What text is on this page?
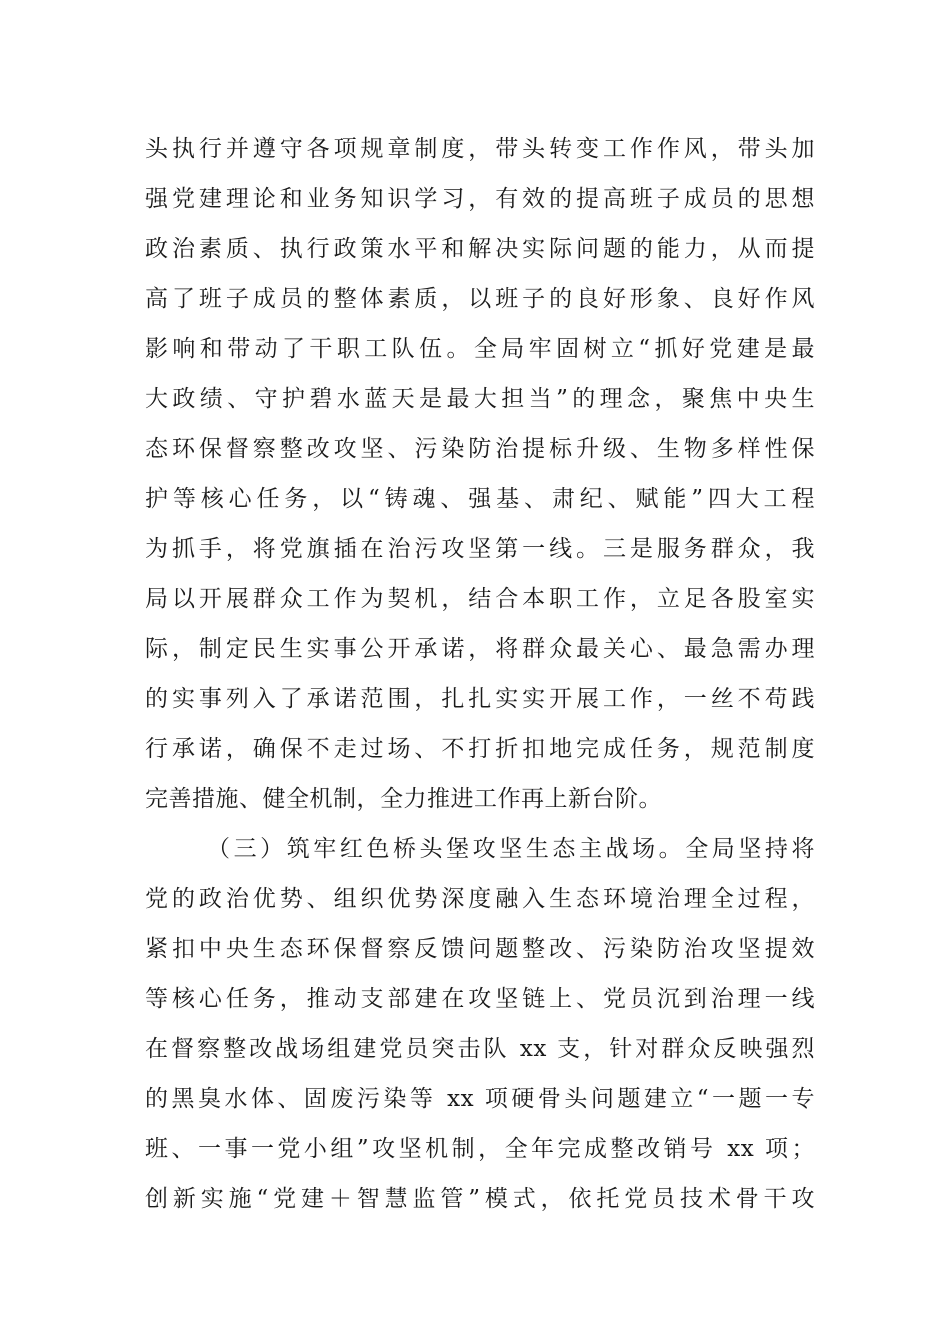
头执行并遵守各项规章制度，带头转变工作作风，带头加
强党建理论和业务知识学习，有效的提高班子成员的思想
政治素质、执行政策水平和解决实际问题的能力，从而提
高了班子成员的整体素质，以班子的良好形象、良好作风
影响和带动了干职工队伍。全局牢固树立“抓好党建是最
大政绩、守护碧水蓝天是最大担当”的理念，聚焦中央生
态环保督察整改攻坚、污染防治提标升级、生物多样性保
护等核心任务，以“铸魂、强基、肃纪、赋能”四大工程
为抓手，将党旗插在治污攻坚第一线。三是服务群众，我
局以开展群众工作为契机，结合本职工作，立足各股室实
际，制定民生实事公开承诺，将群众最关心、最急需办理
的实事列入了承诺范围，扎扎实实开展工作，一丝不苟践
行承诺，确保不走过场、不打折扣地完成任务，规范制度
完善措施、健全机制，全力推进工作再上新台阶。
（三）筑牢红色桥头堡攻坚生态主战场。全局坚持将
党的政治优势、组织优势深度融入生态环境治理全过程，
紧扣中央生态环保督察反馈问题整改、污染防治攻坚提效
等核心任务，推动支部建在攻坚链上、党员沉到治理一线
在督察整改战场组建党员突击队 xx 支，针对群众反映强烈
的黑臭水体、固废污染等 xx 项硬骨头问题建立“一题一专
班、一事一党小组”攻坚机制，全年完成整改销号 xx 项；
创新实施“党建＋智慧监管”模式，依托党员技术骨干攻
